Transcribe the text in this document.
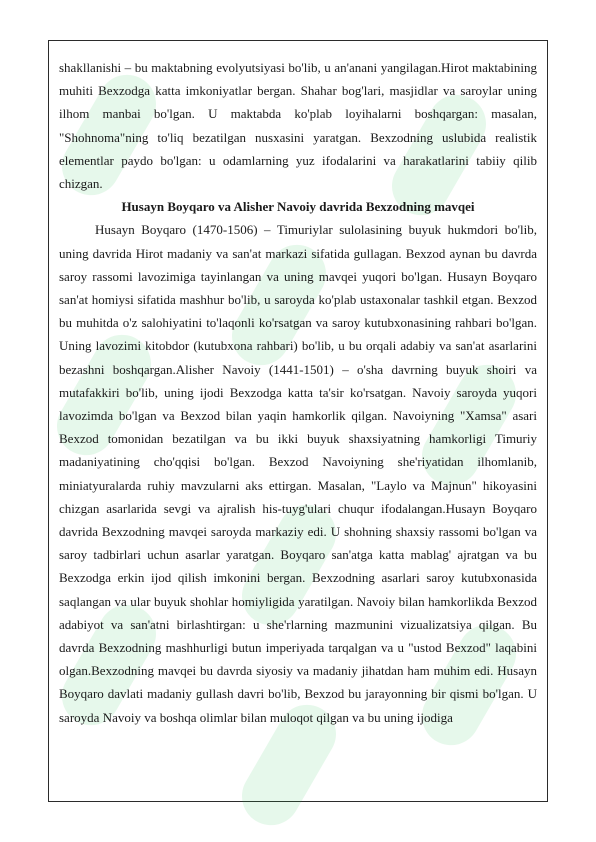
shakllanishi – bu maktabning evolyutsiyasi bo'lib, u an'anani yangilagan.Hirot maktabining muhiti Bexzodga katta imkoniyatlar bergan. Shahar bog'lari, masjidlar va saroylar uning ilhom manbai bo'lgan. U maktabda ko'plab loyihalarni boshqargan: masalan, "Shohnoma"ning to'liq bezatilgan nusxasini yaratgan. Bexzodning uslubida realistik elementlar paydo bo'lgan: u odamlarning yuz ifodalarini va harakatlarini tabiiy qilib chizgan.

Husayn Boyqaro va Alisher Navoiy davrida Bexzodning mavqei

Husayn Boyqaro (1470-1506) – Timuriylar sulolasining buyuk hukmdori bo'lib, uning davrida Hirot madaniy va san'at markazi sifatida gullagan. Bexzod aynan bu davrda saroy rassomi lavozimiga tayinlangan va uning mavqei yuqori bo'lgan. Husayn Boyqaro san'at homiysi sifatida mashhur bo'lib, u saroyda ko'plab ustaxonalar tashkil etgan. Bexzod bu muhitda o'z salohiyatini to'laqonli ko'rsatgan va saroy kutubxonasining rahbari bo'lgan. Uning lavozimi kitobdor (kutubxona rahbari) bo'lib, u bu orqali adabiy va san'at asarlarini bezashni boshqargan.Alisher Navoiy (1441-1501) – o'sha davrning buyuk shoiri va mutafakkiri bo'lib, uning ijodi Bexzodga katta ta'sir ko'rsatgan. Navoiy saroyda yuqori lavozimda bo'lgan va Bexzod bilan yaqin hamkorlik qilgan. Navoiyning "Xamsa" asari Bexzod tomonidan bezatilgan va bu ikki buyuk shaxsiyatning hamkorligi Timuriy madaniyatining cho'qqisi bo'lgan. Bexzod Navoiyning she'riyatidan ilhomlanib, miniatyuralarda ruhiy mavzularni aks ettirgan. Masalan, "Laylo va Majnun" hikoyasini chizgan asarlarida sevgi va ajralish his-tuyg'ulari chuqur ifodalangan.Husayn Boyqaro davrida Bexzodning mavqei saroyda markaziy edi. U shohning shaxsiy rassomi bo'lgan va saroy tadbirlari uchun asarlar yaratgan. Boyqaro san'atga katta mablag' ajratgan va bu Bexzodga erkin ijod qilish imkonini bergan. Bexzodning asarlari saroy kutubxonasida saqlangan va ular buyuk shohlar homiyligida yaratilgan. Navoiy bilan hamkorlikda Bexzod adabiyot va san'atni birlashtirgan: u she'rlarning mazmunini vizualizatsiya qilgan. Bu davrda Bexzodning mashhurligi butun imperiyada tarqalgan va u "ustod Bexzod" laqabini olgan.Bexzodning mavqei bu davrda siyosiy va madaniy jihatdan ham muhim edi. Husayn Boyqaro davlati madaniy gullash davri bo'lib, Bexzod bu jarayonning bir qismi bo'lgan. U saroyda Navoiy va boshqa olimlar bilan muloqot qilgan va bu uning ijodiga
